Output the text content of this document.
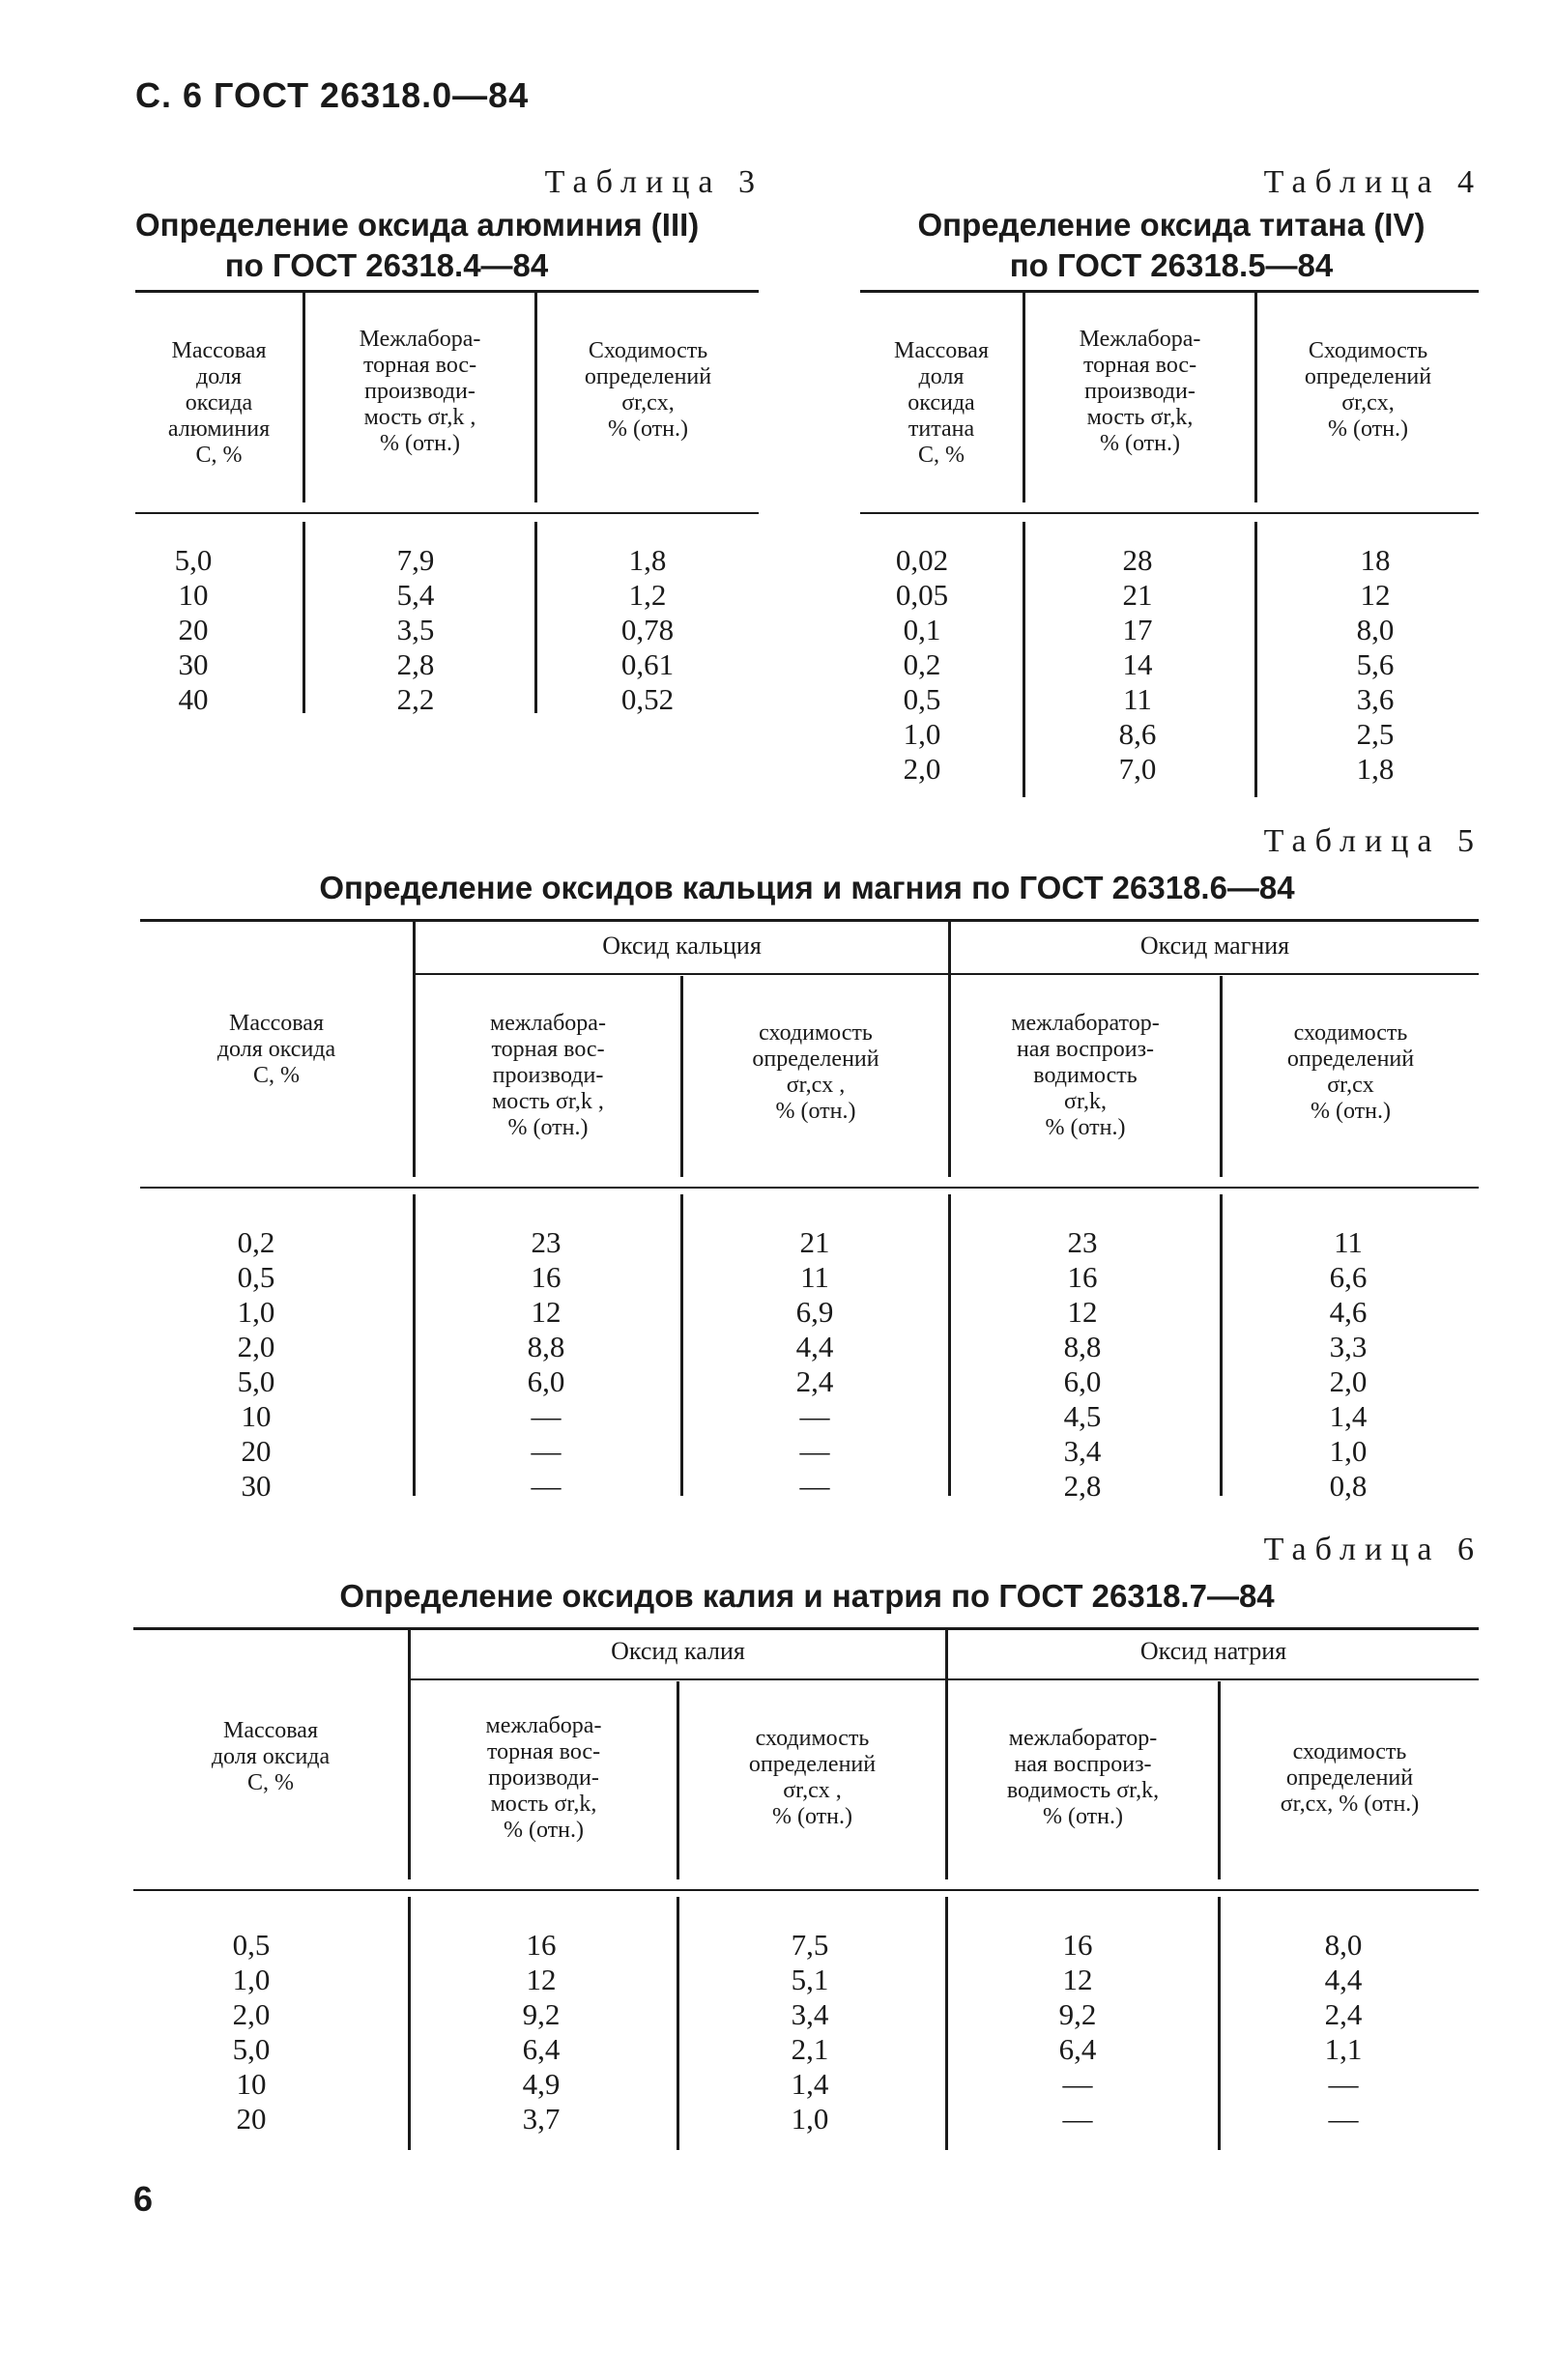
С. 6 ГОСТ 26318.0—84
Таблица 3
Определение оксида алюминия (III)
по ГОСТ 26318.4—84
Массовая
доля
оксида
алюминия
C, %
Межлабора-
торная вос-
производи-
мость σr,k ,
% (отн.)
Сходимость
определений
σr,cx,
% (отн.)
5,0
10
20
30
40
7,9
5,4
3,5
2,8
2,2
1,8
1,2
0,78
0,61
0,52
Таблица 4
Определение оксида титана (IV)
по ГОСТ 26318.5—84
Массовая
доля
оксида
титана
C, %
Межлабора-
торная вос-
производи-
мость σr,k,
% (отн.)
Сходимость
определений
σr,cx,
% (отн.)
0,02
0,05
0,1
0,2
0,5
1,0
2,0
28
21
17
14
11
8,6
7,0
18
12
8,0
5,6
3,6
2,5
1,8
Таблица 5
Определение оксидов кальция и магния по ГОСТ 26318.6—84
Оксид кальция	Оксид магния
Массовая
доля оксида
C, %
межлабора-
торная вос-
производи-
мость σr,k ,
% (отн.)
сходимость
определений
σr,cx ,
% (отн.)
межлаборатор-
ная воспроиз-
водимость
σr,k,
% (отн.)
сходимость
определений
σr,cx
% (отн.)
0,2
0,5
1,0
2,0
5,0
10
20
30
23
16
12
8,8
6,0
—
—
—
21
11
6,9
4,4
2,4
—
—
—
23
16
12
8,8
6,0
4,5
3,4
2,8
11
6,6
4,6
3,3
2,0
1,4
1,0
0,8
Таблица 6
Определение оксидов калия и натрия по ГОСТ 26318.7—84
Оксид калия	Оксид натрия
Массовая
доля оксида
C, %
межлабора-
торная вос-
производи-
мость σr,k,
% (отн.)
сходимость
определений
σr,cx ,
% (отн.)
межлаборатор-
ная воспроиз-
водимость σr,k,
% (отн.)
сходимость
определений
σr,cx, % (отн.)
0,5
1,0
2,0
5,0
10
20
16
12
9,2
6,4
4,9
3,7
7,5
5,1
3,4
2,1
1,4
1,0
16
12
9,2
6,4
—
—
8,0
4,4
2,4
1,1
—
—
6
